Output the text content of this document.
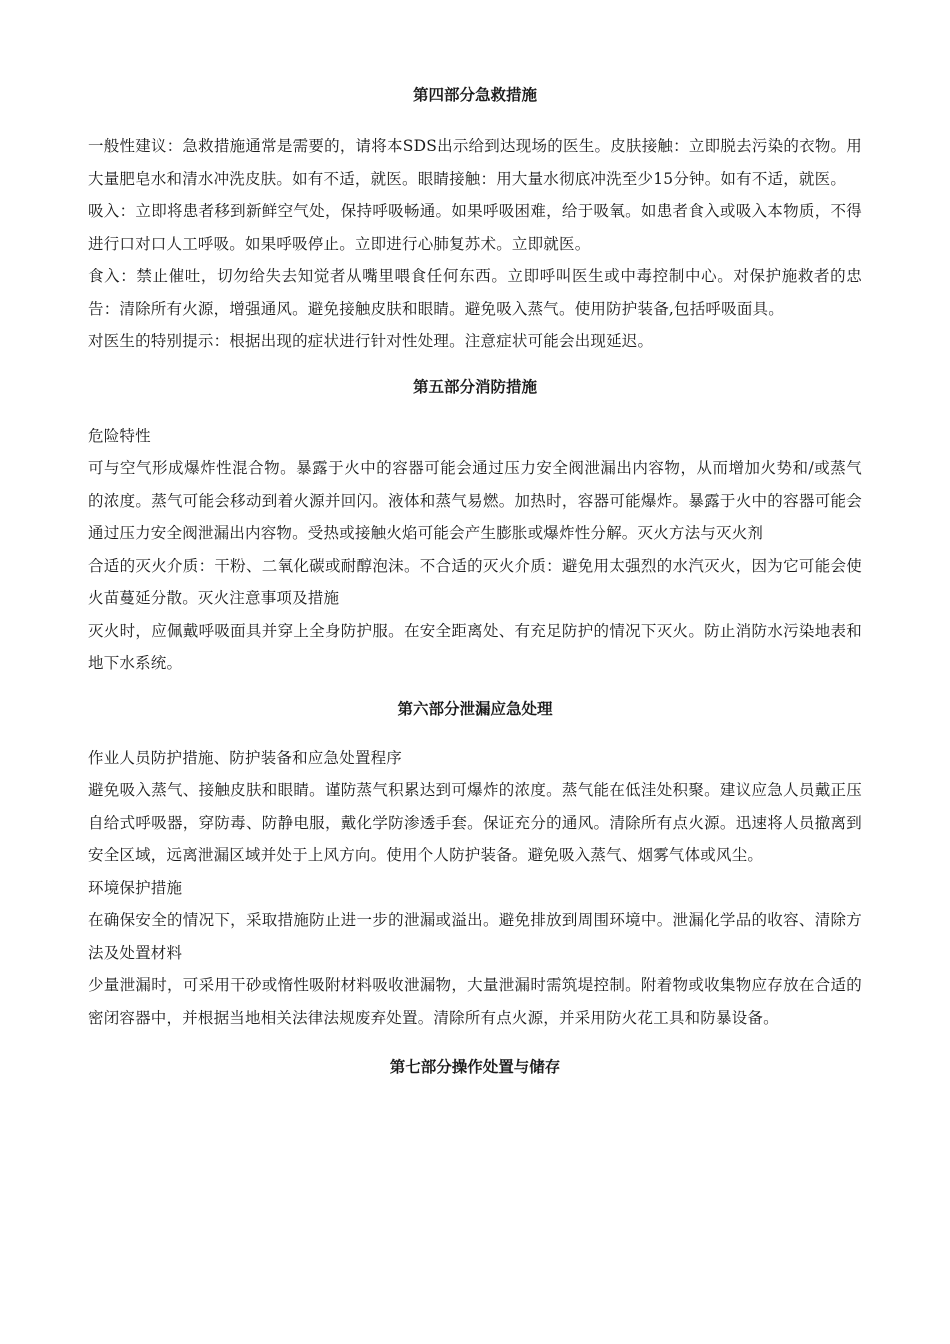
第四部分急救措施

一般性建议：急救措施通常是需要的，请将本SDS出示给到达现场的医生。皮肤接触：立即脱去污染的衣物。用大量肥皂水和清水冲洗皮肤。如有不适，就医。眼睛接触：用大量水彻底冲洗至少15分钟。如有不适，就医。

吸入：立即将患者移到新鲜空气处，保持呼吸畅通。如果呼吸困难，给于吸氧。如患者食入或吸入本物质，不得进行口对口人工呼吸。如果呼吸停止。立即进行心肺复苏术。立即就医。

食入：禁止催吐，切勿给失去知觉者从嘴里喂食任何东西。立即呼叫医生或中毒控制中心。对保护施救者的忠告：清除所有火源，增强通风。避免接触皮肤和眼睛。避免吸入蒸气。使用防护装备,包括呼吸面具。

对医生的特别提示：根据出现的症状进行针对性处理。注意症状可能会出现延迟。

第五部分消防措施

危险特性

可与空气形成爆炸性混合物。暴露于火中的容器可能会通过压力安全阀泄漏出内容物，从而增加火势和/或蒸气的浓度。蒸气可能会移动到着火源并回闪。液体和蒸气易燃。加热时，容器可能爆炸。暴露于火中的容器可能会通过压力安全阀泄漏出内容物。受热或接触火焰可能会产生膨胀或爆炸性分解。灭火方法与灭火剂

合适的灭火介质：干粉、二氧化碳或耐醇泡沫。不合适的灭火介质：避免用太强烈的水汽灭火，因为它可能会使火苗蔓延分散。灭火注意事项及措施

灭火时，应佩戴呼吸面具并穿上全身防护服。在安全距离处、有充足防护的情况下灭火。防止消防水污染地表和地下水系统。

第六部分泄漏应急处理

作业人员防护措施、防护装备和应急处置程序

避免吸入蒸气、接触皮肤和眼睛。谨防蒸气积累达到可爆炸的浓度。蒸气能在低洼处积聚。建议应急人员戴正压自给式呼吸器，穿防毒、防静电服，戴化学防渗透手套。保证充分的通风。清除所有点火源。迅速将人员撤离到安全区域，远离泄漏区域并处于上风方向。使用个人防护装备。避免吸入蒸气、烟雾气体或风尘。

环境保护措施

在确保安全的情况下，采取措施防止进一步的泄漏或溢出。避免排放到周围环境中。泄漏化学品的收容、清除方法及处置材料

少量泄漏时，可采用干砂或惰性吸附材料吸收泄漏物，大量泄漏时需筑堤控制。附着物或收集物应存放在合适的密闭容器中，并根据当地相关法律法规废弃处置。清除所有点火源，并采用防火花工具和防暴设备。

第七部分操作处置与储存
